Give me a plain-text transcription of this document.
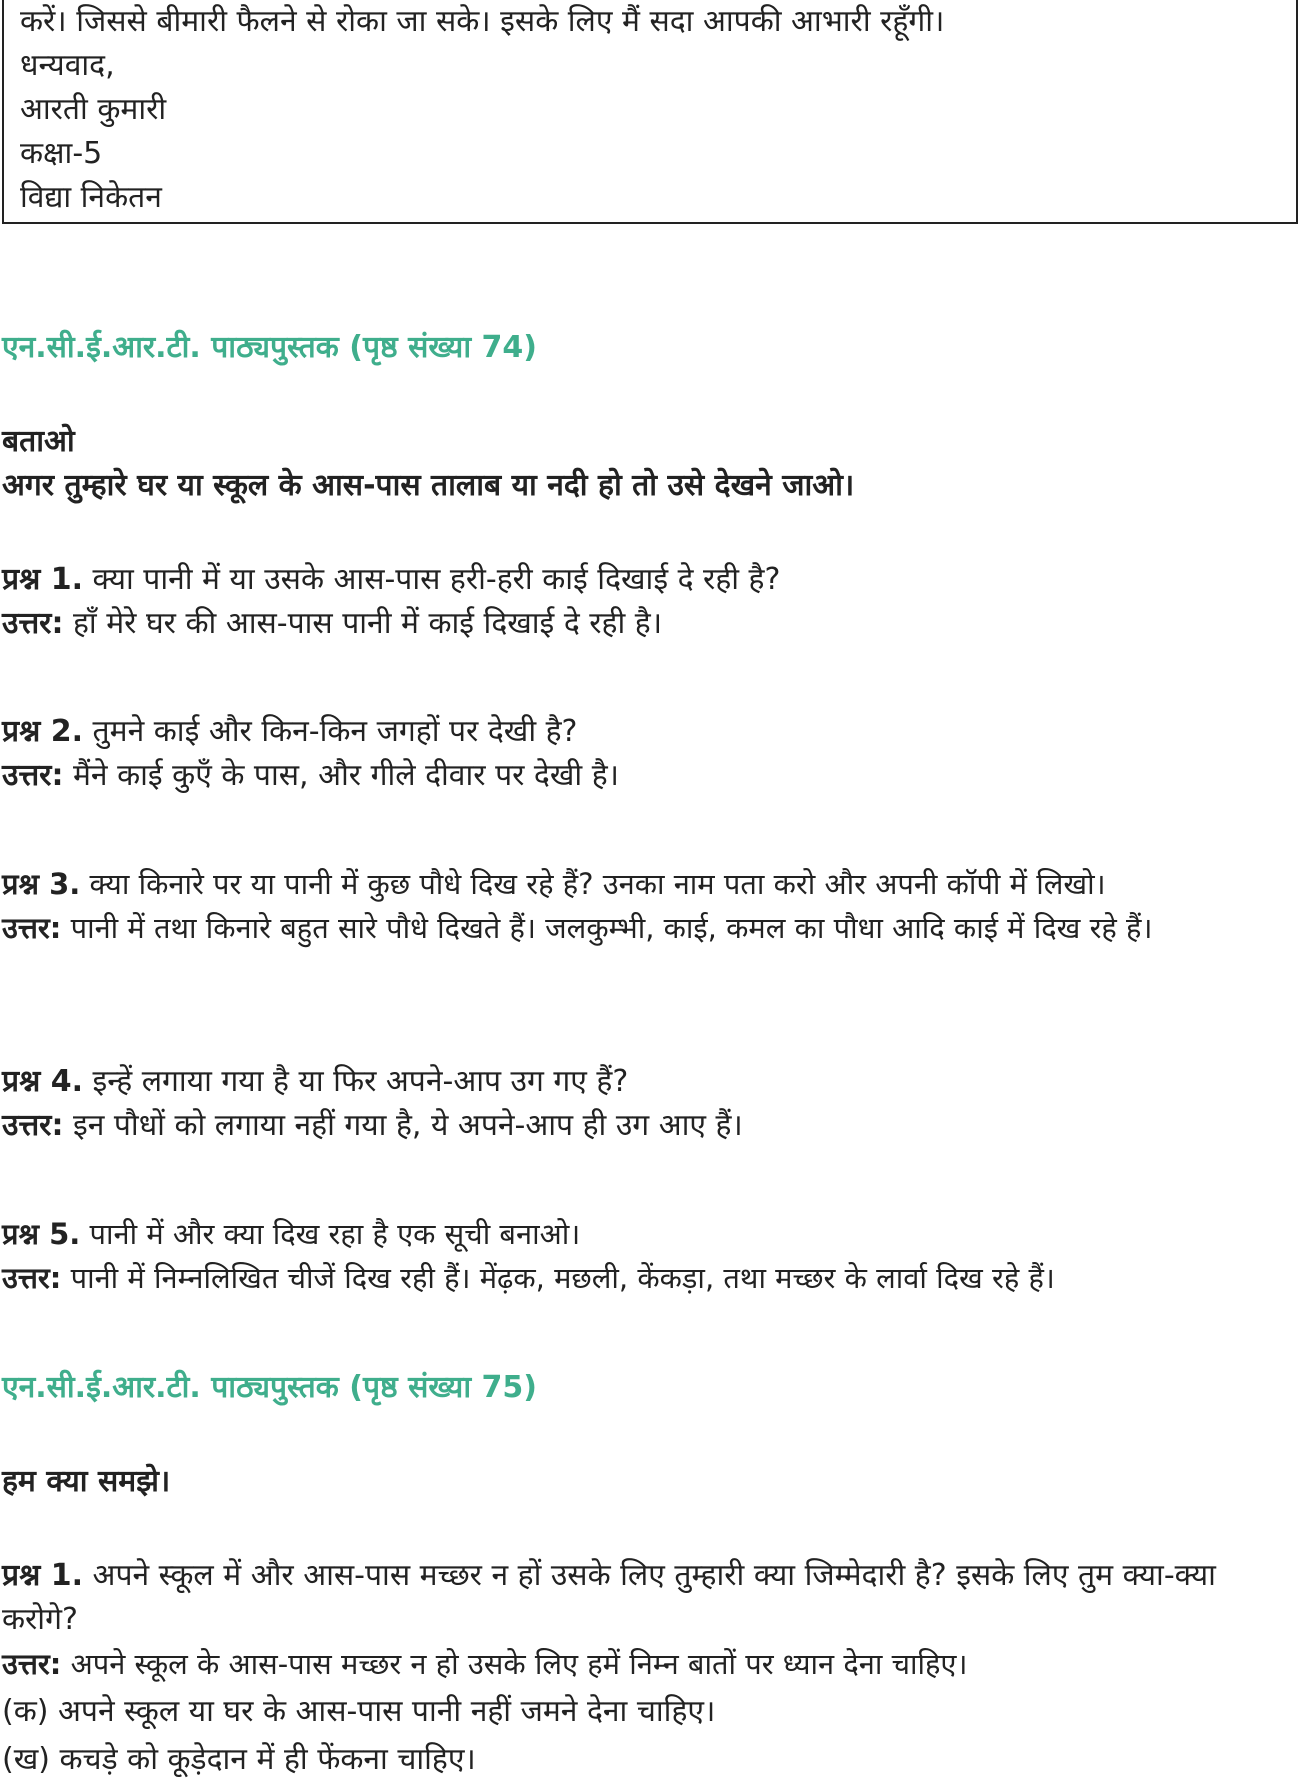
करें। जिससे बीमारी फैलने से रोका जा सके। इसके लिए मैं सदा आपकी आभारी रहूँगी।
धन्यवाद,
आरती कुमारी
कक्षा-5
विद्या निकेतन
एन.सी.ई.आर.टी. पाठ्यपुस्तक (पृष्ठ संख्या 74)
बताओ
अगर तुम्हारे घर या स्कूल के आस-पास तालाब या नदी हो तो उसे देखने जाओ।

प्रश्न 1. क्या पानी में या उसके आस-पास हरी-हरी काई दिखाई दे रही है?

उत्तर: हाँ मेरे घर की आस-पास पानी में काई दिखाई दे रही है।

प्रश्न 2. तुमने काई और किन-किन जगहों पर देखी है?

उत्तर: मैंने काई कुएँ के पास, और गीले दीवार पर देखी है।

प्रश्न 3. क्या किनारे पर या पानी में कुछ पौधे दिख रहे हैं? उनका नाम पता करो और अपनी कॉपी में लिखो।

उत्तर: पानी में तथा किनारे बहुत सारे पौधे दिखते हैं। जलकुम्भी, काई, कमल का पौधा आदि काई में दिख रहे हैं।

प्रश्न 4. इन्हें लगाया गया है या फिर अपने-आप उग गए हैं?

उत्तर: इन पौधों को लगाया नहीं गया है, ये अपने-आप ही उग आए हैं।

प्रश्न 5. पानी में और क्या दिख रहा है एक सूची बनाओ।

उत्तर: पानी में निम्नलिखित चीजें दिख रही हैं। मेंढ़क, मछली, केंकड़ा, तथा मच्छर के लार्वा दिख रहे हैं।

एन.सी.ई.आर.टी. पाठ्यपुस्तक (पृष्ठ संख्या 75)
हम क्या समझे।

प्रश्न 1. अपने स्कूल में और आस-पास मच्छर न हों उसके लिए तुम्हारी क्या जिम्मेदारी है? इसके लिए तुम क्या-क्या करोगे?

उत्तर: अपने स्कूल के आस-पास मच्छर न हो उसके लिए हमें निम्न बातों पर ध्यान देना चाहिए।

(क) अपने स्कूल या घर के आस-पास पानी नहीं जमने देना चाहिए।
(ख) कचड़े को कूड़ेदान में ही फेंकना चाहिए।
